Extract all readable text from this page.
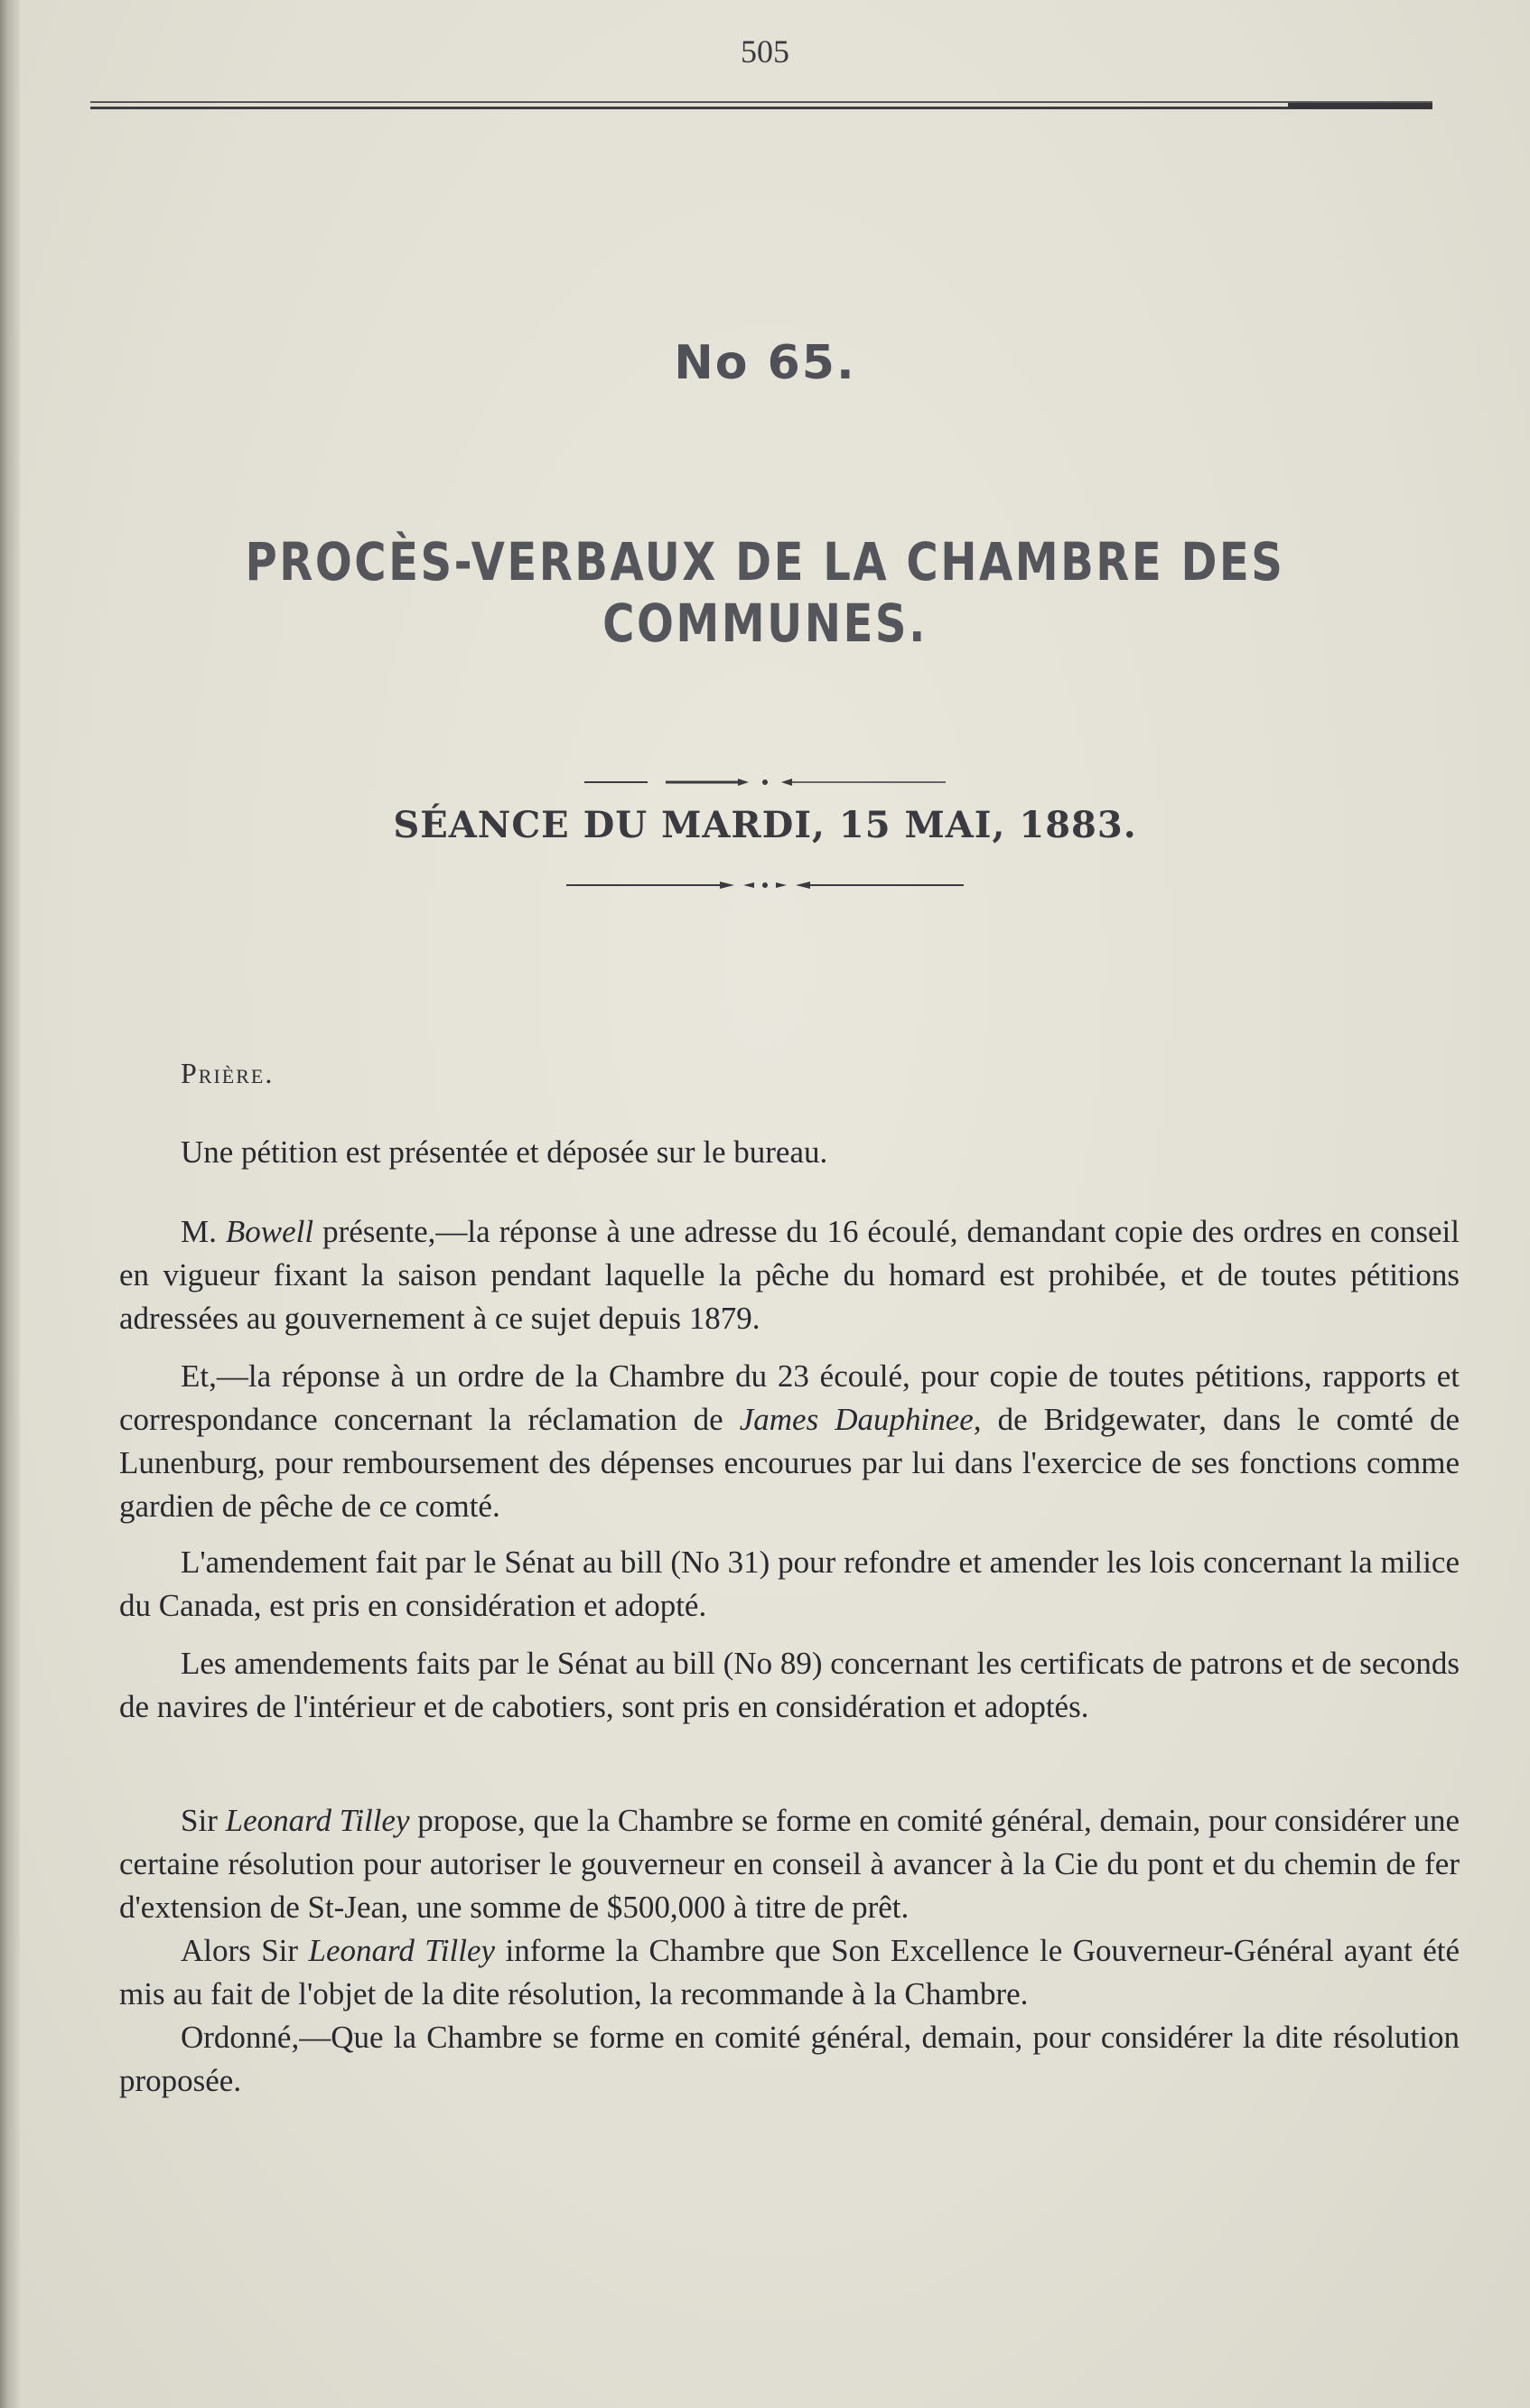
505
No 65.
PROCÈS-VERBAUX DE LA CHAMBRE DES COMMUNES.
SÉANCE DU MARDI, 15 MAI, 1883.
Prière.

Une pétition est présentée et déposée sur le bureau.

M. Bowell présente,—la réponse à une adresse du 16 écoulé, demandant copie des ordres en conseil en vigueur fixant la saison pendant laquelle la pêche du homard est prohibée, et de toutes pétitions adressées au gouvernement à ce sujet depuis 1879.

Et,—la réponse à un ordre de la Chambre du 23 écoulé, pour copie de toutes pétitions, rapports et correspondance concernant la réclamation de James Dauphinee, de Bridgewater, dans le comté de Lunenburg, pour remboursement des dépenses encourues par lui dans l'exercice de ses fonctions comme gardien de pêche de ce comté.

L'amendement fait par le Sénat au bill (No 31) pour refondre et amender les lois concernant la milice du Canada, est pris en considération et adopté.

Les amendements faits par le Sénat au bill (No 89) concernant les certificats de patrons et de seconds de navires de l'intérieur et de cabotiers, sont pris en considération et adoptés.

Sir Leonard Tilley propose, que la Chambre se forme en comité général, demain, pour considérer une certaine résolution pour autoriser le gouverneur en conseil à avancer à la Cie du pont et du chemin de fer d'extension de St-Jean, une somme de $500,000 à titre de prêt.

Alors Sir Leonard Tilley informe la Chambre que Son Excellence le Gouverneur-Général ayant été mis au fait de l'objet de la dite résolution, la recommande à la Chambre.

Ordonné,—Que la Chambre se forme en comité général, demain, pour considérer la dite résolution proposée.
